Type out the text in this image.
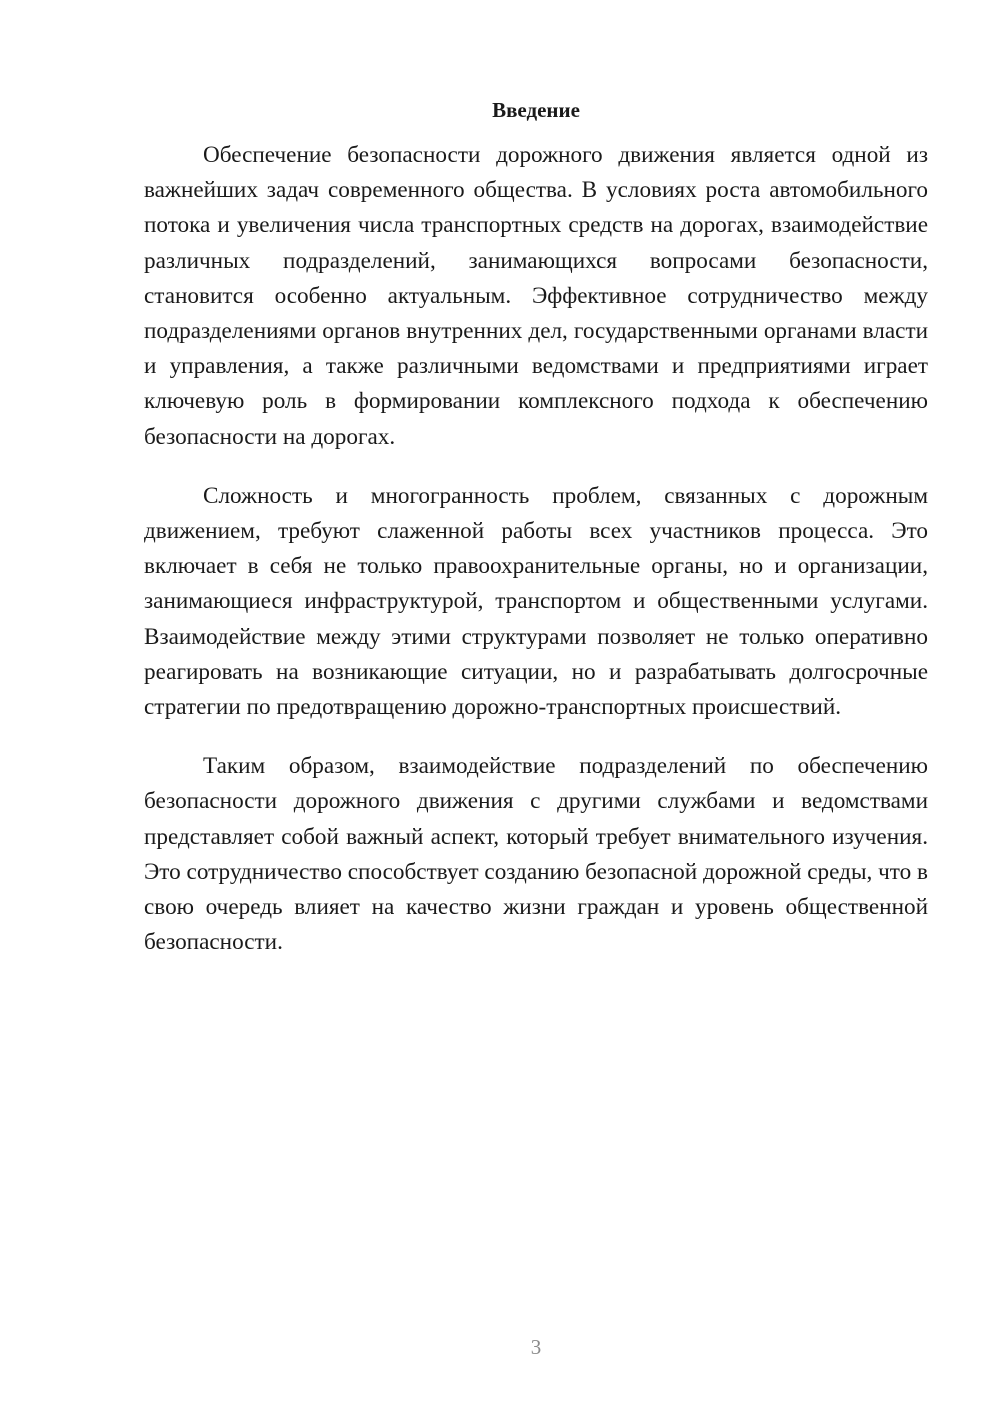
Введение

Обеспечение безопасности дорожного движения является одной из важнейших задач современного общества. В условиях роста автомобильного потока и увеличения числа транспортных средств на дорогах, взаимодействие различных подразделений, занимающихся вопросами безопасности, становится особенно актуальным. Эффективное сотрудничество между подразделениями органов внутренних дел, государственными органами власти и управления, а также различными ведомствами и предприятиями играет ключевую роль в формировании комплексного подхода к обеспечению безопасности на дорогах.

Сложность и многогранность проблем, связанных с дорожным движением, требуют слаженной работы всех участников процесса. Это включает в себя не только правоохранительные органы, но и организации, занимающиеся инфраструктурой, транспортом и общественными услугами. Взаимодействие между этими структурами позволяет не только оперативно реагировать на возникающие ситуации, но и разрабатывать долгосрочные стратегии по предотвращению дорожно-транспортных происшествий.

Таким образом, взаимодействие подразделений по обеспечению безопасности дорожного движения с другими службами и ведомствами представляет собой важный аспект, который требует внимательного изучения. Это сотрудничество способствует созданию безопасной дорожной среды, что в свою очередь влияет на качество жизни граждан и уровень общественной безопасности.

3
